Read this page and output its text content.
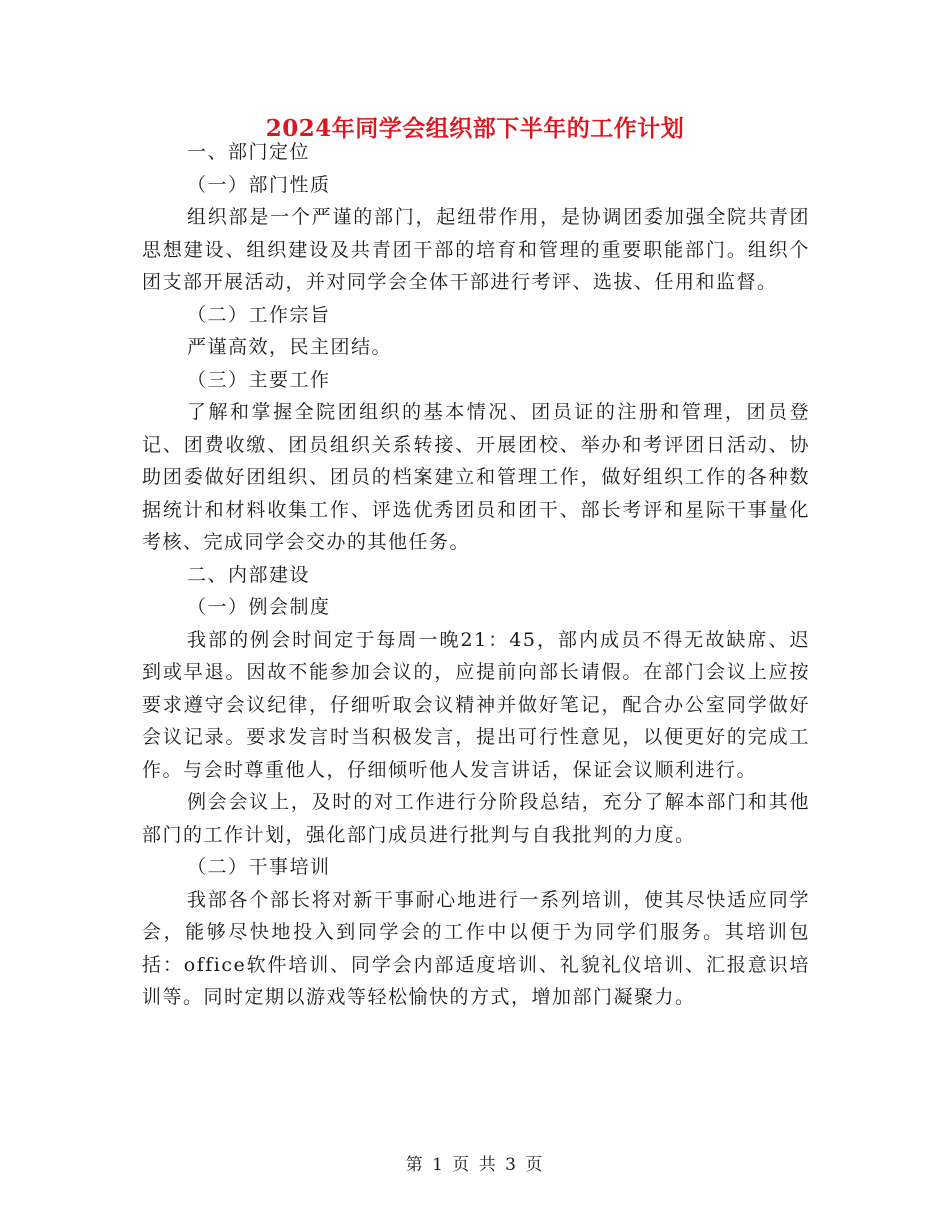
2024年同学会组织部下半年的工作计划

一、部门定位

（一）部门性质

组织部是一个严谨的部门，起纽带作用，是协调团委加强全院共青团思想建设、组织建设及共青团干部的培育和管理的重要职能部门。组织个团支部开展活动，并对同学会全体干部进行考评、选拔、任用和监督。

（二）工作宗旨

严谨高效，民主团结。

（三）主要工作

了解和掌握全院团组织的基本情况、团员证的注册和管理，团员登记、团费收缴、团员组织关系转接、开展团校、举办和考评团日活动、协助团委做好团组织、团员的档案建立和管理工作，做好组织工作的各种数据统计和材料收集工作、评选优秀团员和团干、部长考评和星际干事量化考核、完成同学会交办的其他任务。

二、内部建设

（一）例会制度

我部的例会时间定于每周一晚21：45，部内成员不得无故缺席、迟到或早退。因故不能参加会议的，应提前向部长请假。在部门会议上应按要求遵守会议纪律，仔细听取会议精神并做好笔记，配合办公室同学做好会议记录。要求发言时当积极发言，提出可行性意见，以便更好的完成工作。与会时尊重他人，仔细倾听他人发言讲话，保证会议顺利进行。

例会会议上，及时的对工作进行分阶段总结，充分了解本部门和其他部门的工作计划，强化部门成员进行批判与自我批判的力度。

（二）干事培训

我部各个部长将对新干事耐心地进行一系列培训，使其尽快适应同学会，能够尽快地投入到同学会的工作中以便于为同学们服务。其培训包括：office软件培训、同学会内部适度培训、礼貌礼仪培训、汇报意识培训等。同时定期以游戏等轻松愉快的方式，增加部门凝聚力。

第 1 页 共 3 页
